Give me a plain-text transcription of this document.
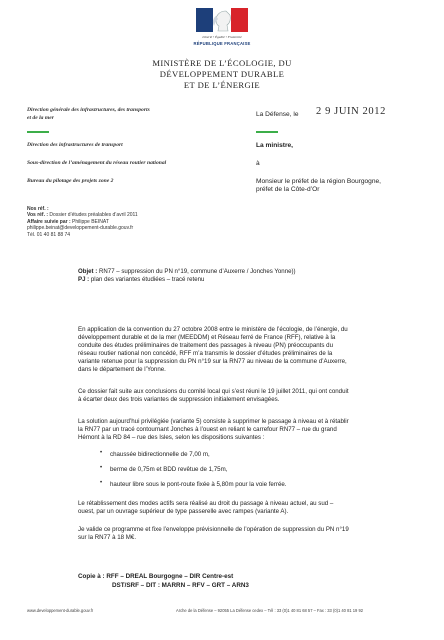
Liberté • Égalité • Fraternité
RÉPUBLIQUE FRANÇAISE
MINISTÈRE DE L’ÉCOLOGIE, DU DÉVELOPPEMENT DURABLE
ET DE L’ÉNERGIE
Direction générale des infrastructures, des transports
et de la mer
Direction des infrastructures de transport
Sous-direction de l’aménagement du réseau routier national
Bureau du pilotage des projets zone 2
La Défense, le 2 9 JUIN 2012
La ministre,
à
Monsieur le préfet de la région Bourgogne,
préfet de la Côte-d’Or
Nos réf. :
Vos réf. : Dossier d’études préalables d’avril 2011
Affaire suivie par : Philippe BEINAT
philippe.beinat@developpement-durable.gouv.fr
Tél. 01 40 81 88 74
Objet : RN77 – suppression du PN n°19, commune d’Auxerre / Jonches Yonne))
PJ : plan des variantes étudiées – tracé retenu
En application de la convention du 27 octobre 2008 entre le ministère de l’écologie, de l’énergie, du
développement durable et de la mer (MEEDDM) et Réseau ferré de France (RFF), relative à la
conduite des études préliminaires de traitement des passages à niveau (PN) préoccupants du
réseau routier national non concédé, RFF m’a transmis le dossier d’études préliminaires de la
variante retenue pour la suppression du PN n°19 sur la RN77 au niveau de la commune d’Auxerre,
dans le département de l’Yonne.
Ce dossier fait suite aux conclusions du comité local qui s’est réuni le 19 juillet 2011, qui ont conduit
à écarter deux des trois variantes de suppression initialement envisagées.
La solution aujourd’hui privilégiée (variante 5) consiste à supprimer le passage à niveau et à rétablir
la RN77 par un tracé contournant Jonches à l’ouest en reliant le carrefour RN77 – rue du grand
Hémont à la RD 84 – rue des Isles, selon les dispositions suivantes :
• chaussée bidirectionnelle de 7,00 m,
• berme de 0,75m et BDD revêtue de 1,75m,
• hauteur libre sous le pont-route fixée à 5,80m pour la voie ferrée.
Le rétablissement des modes actifs sera réalisé au droit du passage à niveau actuel, au sud –
ouest, par un ouvrage supérieur de type passerelle avec rampes (variante A).
Je valide ce programme et fixe l’enveloppe prévisionnelle de l’opération de suppression du PN n°19
sur la RN77 à 18 M€.
Copie à : RFF – DREAL Bourgogne – DIR Centre-est
DST/SRF – DIT : MARRN – RFV – GRT – ARN3
www.developpement-durable.gouv.fr	Arche de la Défense – 92055 La Défense cedex – Tél : 33 (0)1 40 81 68 57 – Fax : 33 (0)1 40 81 19 92
